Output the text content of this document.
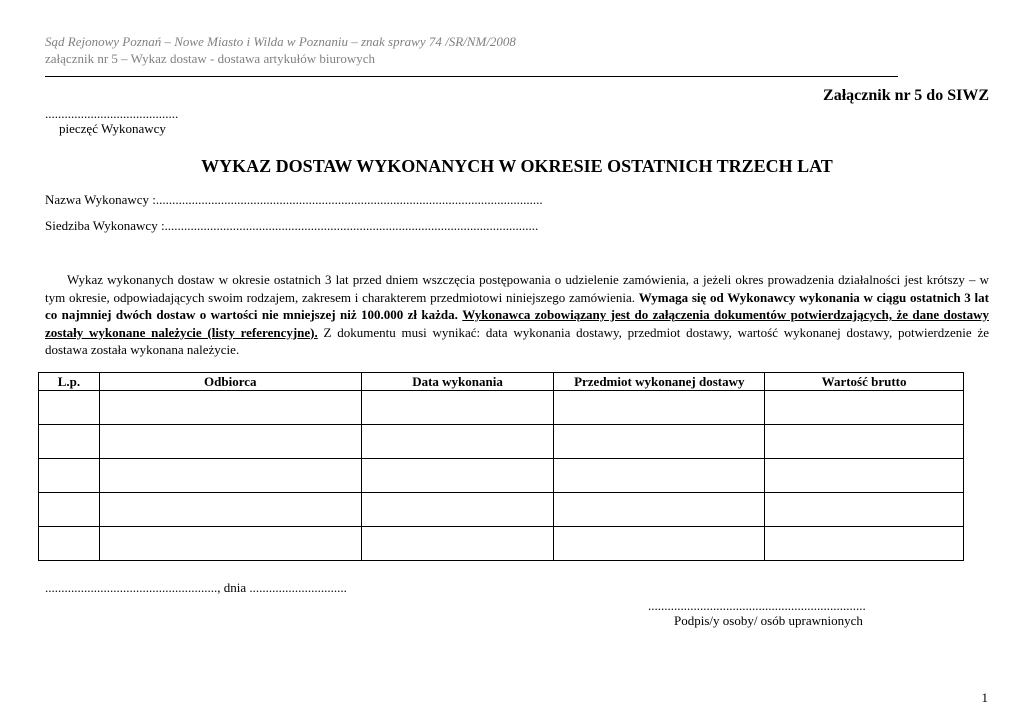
Sąd Rejonowy Poznań – Nowe Miasto i Wilda w Poznaniu – znak sprawy 74 /SR/NM/2008
załącznik nr 5 – Wykaz dostaw - dostawa artykułów biurowych
Załącznik nr 5 do SIWZ
.........................................
pieczęć Wykonawcy
WYKAZ DOSTAW WYKONANYCH W OKRESIE OSTATNICH TRZECH LAT
Nazwa Wykonawcy :.......................................................................................................................
Siedziba Wykonawcy :...................................................................................................................
Wykaz wykonanych dostaw w okresie ostatnich 3 lat przed dniem wszczęcia postępowania o udzielenie zamówienia, a jeżeli okres prowadzenia działalności jest krótszy – w tym okresie, odpowiadających swoim rodzajem, zakresem i charakterem przedmiotowi niniejszego zamówienia. Wymaga się od Wykonawcy wykonania w ciągu ostatnich 3 lat co najmniej dwóch dostaw o wartości nie mniejszej niż 100.000 zł każda. Wykonawca zobowiązany jest do załączenia dokumentów potwierdzających, że dane dostawy zostały wykonane należycie (listy referencyjne). Z dokumentu musi wynikać: data wykonania dostawy, przedmiot dostawy, wartość wykonanej dostawy, potwierdzenie że dostawa została wykonana należycie.
L.p.	Odbiorca	Data wykonania	Przedmiot wykonanej dostawy	Wartość brutto

....................................................., dnia ..............................
...................................................................
Podpis/y osoby/ osób uprawnionych
1
